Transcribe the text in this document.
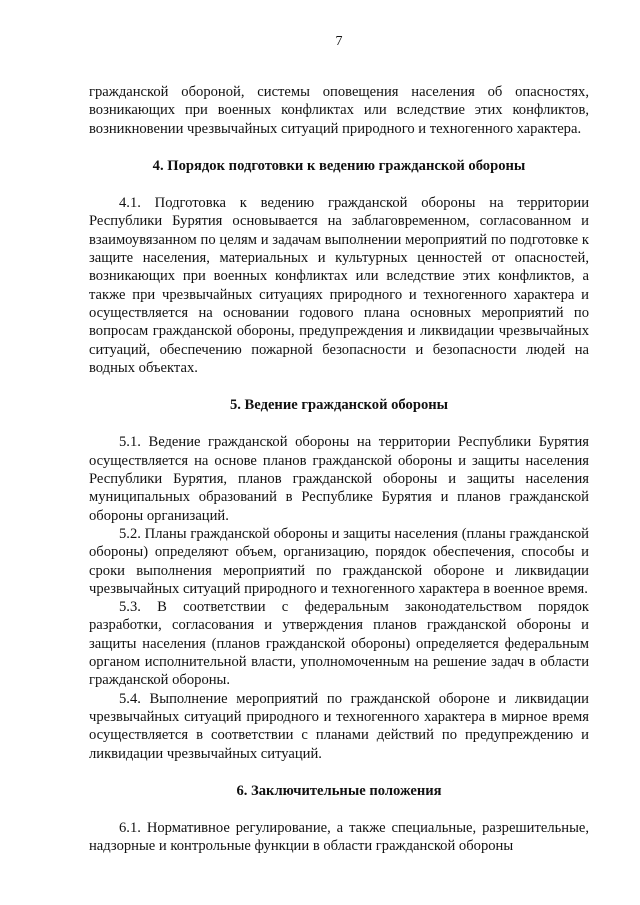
7

гражданской обороной, системы оповещения населения об опасностях, возникающих при военных конфликтах или вследствие этих конфликтов, возникновении чрезвычайных ситуаций природного и техногенного характера.

4. Порядок подготовки к ведению гражданской обороны

4.1. Подготовка к ведению гражданской обороны на территории Республики Бурятия основывается на заблаговременном, согласованном и взаимоувязанном по целям и задачам выполнении мероприятий по подготовке к защите населения, материальных и культурных ценностей от опасностей, возникающих при военных конфликтах или вследствие этих конфликтов, а также при чрезвычайных ситуациях природного и техногенного характера и осуществляется на основании годового плана основных мероприятий по вопросам гражданской обороны, предупреждения и ликвидации чрезвычайных ситуаций, обеспечению пожарной безопасности и безопасности людей на водных объектах.

5. Ведение гражданской обороны

5.1. Ведение гражданской обороны на территории Республики Бурятия осуществляется на основе планов гражданской обороны и защиты населения Республики Бурятия, планов гражданской обороны и защиты населения муниципальных образований в Республике Бурятия и планов гражданской обороны организаций.

5.2. Планы гражданской обороны и защиты населения (планы гражданской обороны) определяют объем, организацию, порядок обеспечения, способы и сроки выполнения мероприятий по гражданской обороне и ликвидации чрезвычайных ситуаций природного и техногенного характера в военное время.

5.3. В соответствии с федеральным законодательством порядок разработки, согласования и утверждения планов гражданской обороны и защиты населения (планов гражданской обороны) определяется федеральным органом исполнительной власти, уполномоченным на решение задач в области гражданской обороны.

5.4. Выполнение мероприятий по гражданской обороне и ликвидации чрезвычайных ситуаций природного и техногенного характера в мирное время осуществляется в соответствии с планами действий по предупреждению и ликвидации чрезвычайных ситуаций.

6. Заключительные положения

6.1. Нормативное регулирование, а также специальные, разрешительные, надзорные и контрольные функции в области гражданской обороны
